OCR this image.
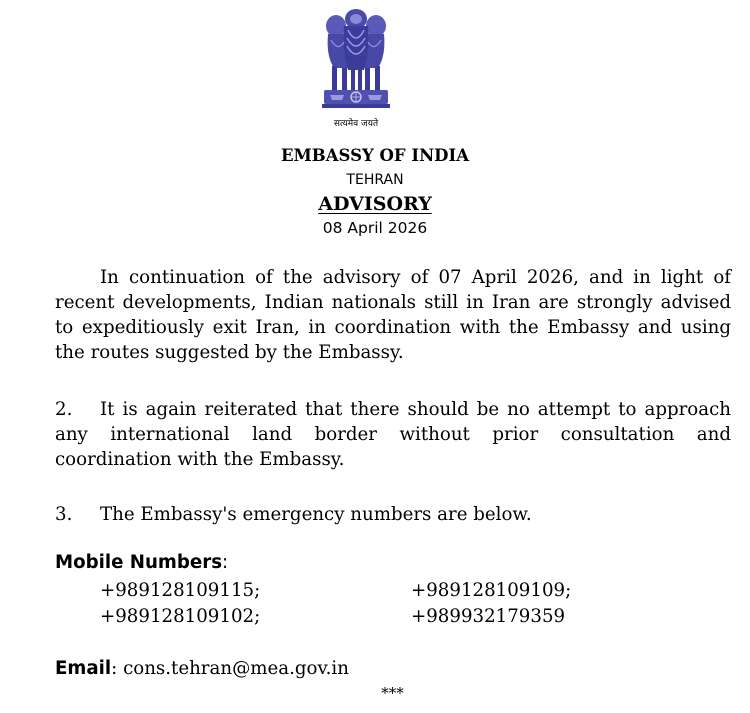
सत्यमेव जयते
EMBASSY OF INDIA
TEHRAN
ADVISORY
08 April 2026
In continuation of the advisory of 07 April 2026, and in light of
recent developments, Indian nationals still in Iran are strongly advised
to expeditiously exit Iran, in coordination with the Embassy and using
the routes suggested by the Embassy.
2. It is again reiterated that there should be no attempt to approach
any international land border without prior consultation and
coordination with the Embassy.
3. The Embassy's emergency numbers are below.
Mobile Numbers:
+989128109115;	+989128109109;
+989128109102;	+989932179359
Email: cons.tehran@mea.gov.in
***
